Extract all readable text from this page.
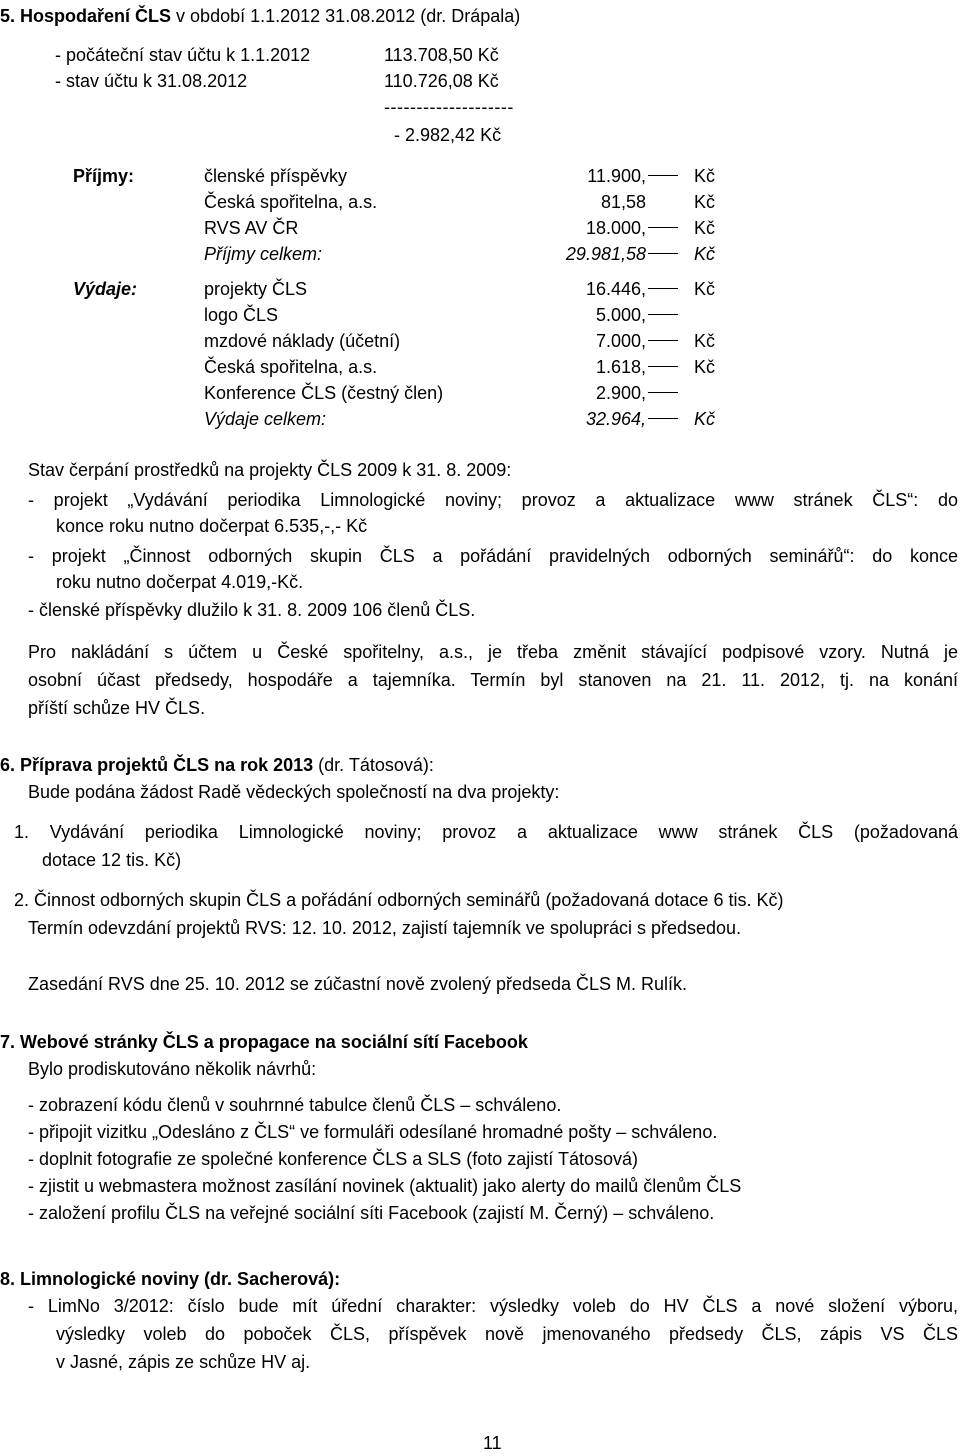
5. Hospodaření ČLS v období 1.1.2012 31.08.2012 (dr. Drápala)
- počáteční stav účtu k 1.1.2012	113.708,50 Kč
- stav účtu k 31.08.2012	110.726,08 Kč
--------------------
- 2.982,42 Kč
Příjmy:	členské příspěvky	11.900,	Kč
Česká spořitelna, a.s.	81,58	Kč
RVS AV ČR	18.000,	Kč
Příjmy celkem:	29.981,58	Kč
Výdaje:	projekty ČLS	16.446,	Kč
logo ČLS	5.000,
mzdové náklady (účetní)	7.000,	Kč
Česká spořitelna, a.s.	1.618,	Kč
Konference ČLS (čestný člen)	2.900,
Výdaje celkem:	32.964,	Kč
Stav čerpání prostředků na projekty ČLS 2009 k 31. 8. 2009:
- projekt „Vydávání periodika Limnologické noviny; provoz a aktualizace www stránek ČLS“: do
konce roku nutno dočerpat 6.535,-,- Kč
- projekt „Činnost odborných skupin ČLS a pořádání pravidelných odborných seminářů“: do konce
roku nutno dočerpat 4.019,-Kč.
- členské příspěvky dlužilo k 31. 8. 2009 106 členů ČLS.
Pro nakládání s účtem u České spořitelny, a.s., je třeba změnit stávající podpisové vzory. Nutná je
osobní účast předsedy, hospodáře a tajemníka. Termín byl stanoven na 21. 11. 2012, tj. na konání
příští schůze HV ČLS.
6. Příprava projektů ČLS na rok 2013 (dr. Tátosová):
Bude podána žádost Radě vědeckých společností na dva projekty:
1. Vydávání periodika Limnologické noviny; provoz a aktualizace www stránek ČLS (požadovaná
dotace 12 tis. Kč)
2. Činnost odborných skupin ČLS a pořádání odborných seminářů (požadovaná dotace 6 tis. Kč)
Termín odevzdání projektů RVS: 12. 10. 2012, zajistí tajemník ve spolupráci s předsedou.
Zasedání RVS dne 25. 10. 2012 se zúčastní nově zvolený předseda ČLS M. Rulík.
7. Webové stránky ČLS a propagace na sociální sítí Facebook
Bylo prodiskutováno několik návrhů:
- zobrazení kódu členů v souhrnné tabulce členů ČLS – schváleno.
- připojit vizitku „Odesláno z ČLS“ ve formuláři odesílané hromadné pošty – schváleno.
- doplnit fotografie ze společné konference ČLS a SLS (foto zajistí Tátosová)
- zjistit u webmastera možnost zasílání novinek (aktualit) jako alerty do mailů členům ČLS
- založení profilu ČLS na veřejné sociální síti Facebook (zajistí M. Černý) – schváleno.
8. Limnologické noviny (dr. Sacherová):
- LimNo 3/2012: číslo bude mít úřední charakter: výsledky voleb do HV ČLS a nové složení výboru,
výsledky voleb do poboček ČLS, příspěvek nově jmenovaného předsedy ČLS, zápis VS ČLS
v Jasné, zápis ze schůze HV aj.
11
